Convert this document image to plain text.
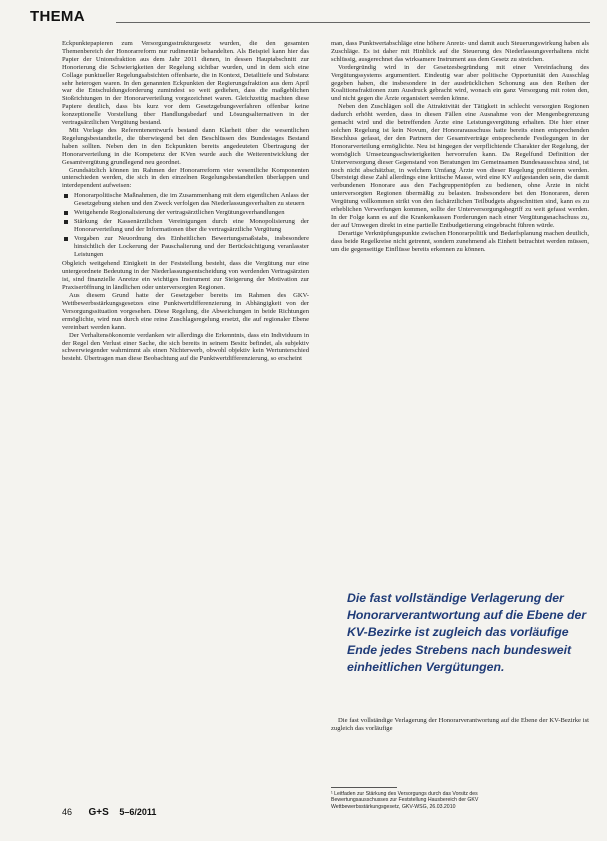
THEMA

Eckpunktepapieren zum Versorgungsstrukturgesetz wurden, die den gesamten Themenbereich der Honorarreform nur rudimentär behandelten. Als Beispiel kann hier das Papier der Unionsfraktion aus dem Jahr 2011 dienen, in dessen Hauptabschnitt zur Honorierung die Schwierigkeiten der Regelung sichtbar wurden, und in dem sich eine Collage punktueller Regelungsabsichten offenbarte, die in Kontext, Detailtiefe und Substanz sehr heterogen waren. In den genannten Eckpunkten der Regierungsfraktion aus dem April war die Entschuldungsforderung zumindest so weit gediehen, dass die maßgeblichen Stoßrichtungen in der Honorarverteilung vorgezeichnet waren. Gleichzeitig machten diese Papiere deutlich, dass bis kurz vor dem Gesetzgebungsverfahren offenbar keine konzeptionelle Vorstellung über Handlungsbedarf und Lösungsalternativen in der vertragsärztlichen Vergütung bestand.

Mit Vorlage des Referentenentwurfs bestand dann Klarheit über die wesentlichen Regelungsbestandteile, die überwiegend bei den Beschlüssen des Bundestages Bestand haben sollten. Neben den in den Eckpunkten bereits angedeuteten Übertragung der Honorarverteilung in die Kompetenz der KVen wurde auch die Weiterentwicklung der Gesamtvergütung grundlegend neu geordnet.

Grundsätzlich können im Rahmen der Honorarreform vier wesentliche Komponenten unterschieden werden, die sich in den einzelnen Regelungsbestandteilen überlappen und interdependent aufweisen:

Honorarpolitische Maßnahmen, die im Zusammenhang mit dem eigentlichen Anlass der Gesetzgebung stehen und den Zweck verfolgen das Niederlassungsverhalten zu steuern
Weitgehende Regionalisierung der vertragsärztlichen Vergütungsverhandlungen
Stärkung der Kassenärztlichen Vereinigungen durch eine Monopolisierung der Honorarverteilung und der Informationen über die vertragsärztliche Vergütung
Vorgaben zur Neuordnung des Einheitlichen Bewertungsmaßstabs, insbesondere hinsichtlich der Lockerung der Pauschalierung und der Berücksichtigung veranlasster Leistungen

Obgleich weitgehend Einigkeit in der Feststellung besteht, dass die Vergütung nur eine untergeordnete Bedeutung in der Niederlassungsentscheidung von werdenden Vertragsärzten ist, sind finanzielle Anreize ein wichtiges Instrument zur Steigerung der Motivation zur Praxiseröffnung in ländlichen oder unterversorgten Regionen.

Aus diesem Grund hatte der Gesetzgeber bereits im Rahmen des GKV-Wettbewerbsstärkungsgesetzes eine Punktwertdifferenzierung in Abhängigkeit von der Versorgungssituation vorgesehen. Diese Regelung, die Abweichungen in beide Richtungen ermöglichte, wird nun durch eine reine Zuschlagsregelung ersetzt, die auf regionaler Ebene vereinbart werden kann.

Der Verhaltensökonomie verdanken wir allerdings die Erkenntnis, dass ein Individuum in der Regel den Verlust einer Sache, die sich bereits in seinem Besitz befindet, als subjektiv schwerwiegender wahrnimmt als einen Nichterwerb, obwohl objektiv kein Wertunterschied besteht. Übertragen man diese Beobachtung auf die Punktwertdifferenzierung, so erscheint

man, dass Punktwertabschläge eine höhere Anreiz- und damit auch Steuerungswirkung haben als Zuschläge. Es ist daher mit Hinblick auf die Steuerung des Niederlassungsverhaltens nicht schlüssig, ausgerechnet das wirksamere Instrument aus dem Gesetz zu streichen.

Vordergründig wird in der Gesetzesbegründung mit einer Vereinfachung des Vergütungssystems argumentiert. Eindeutig war aber politische Opportunität den Ausschlag gegeben haben, die insbesondere in der ausdrücklichen Schonung aus den Reihen der Koalitionsfraktionen zum Ausdruck gebracht wird, wonach ein ganz Versorgung mit roten den, und nicht gegen die Ärzte organisiert werden könne.

Neben den Zuschlägen soll die Attraktivität der Tätigkeit in schlecht versorgten Regionen dadurch erhöht werden, dass in diesen Fällen eine Ausnahme von der Mengenbegrenzung gemacht wird und die betreffenden Ärzte eine Leistungsvergütung erhalten. Die hier einer solchen Regelung ist kein Novum, der Honorarausschuss hatte bereits einen entsprechenden Beschluss gefasst, der den Partnern der Gesamtverträge entsprechende Festlegungen in der Honorarverteilung ermöglichte. Neu ist hingegen der verpflichtende Charakter der Regelung, der womöglich Umsetzungsschwierigkeiten hervorrufen kann. Da Regelfund Definition der Unterversorgung dieser Gegenstand von Beratungen im Gemeinsamen Bundesausschuss sind, ist noch nicht abschätzbar, in welchem Umfang Ärzte von dieser Regelung profitieren werden. Übersteigt diese Zahl allerdings eine kritische Masse, wird eine KV aufgestanden sein, die damit verbundenen Honorare aus den Fachgruppentöpfen zu bedienen, ohne Ärzte in nicht unterversorgten Regionen übermäßig zu belasten. Insbesondere bei den Honoraren, deren Vergütung vollkommen strikt von den fachärztlichen Teilbudgets abgeschnitten sind, kann es zu erheblichen Verwerfungen kommen, sollte der Unterversorgungsbegriff zu weit gefasst werden. In der Folge kann es auf die Krankenkassen Forderungen nach einer Vergütungsnachschuss zu, der auf Umwegen direkt in eine partielle Entbudgetierung eingebracht führen würde.

Derartige Verknüpfungspunkte zwischen Honorarpolitik und Bedarfsplanung machen deutlich, dass beide Regelkreise nicht getrennt, sondern zunehmend als Einheit betrachtet werden müssen, um die gegenseitige Einflüsse bereits erkennen zu können.

Die fast vollständige Verlagerung der Honorarverantwortung auf die Ebene der KV-Bezirke ist zugleich das vorläufige Ende jedes Strebens nach bundesweit einheitlichen Vergütungen.

Die fast vollständige Verlagerung der Honorarverantwortung auf die Ebene der KV-Bezirke ist zugleich das vorläufige

¹ Leitfaden zur Stärkung des Versorgungs durch das Vorsitz des Bewertungsausschusses zur Feststellung Hausbereich der GKV Wettbewerbsstärkungsgesetz, GKV-WSG, 26.03.2010
46 G+S 5–6/2011
